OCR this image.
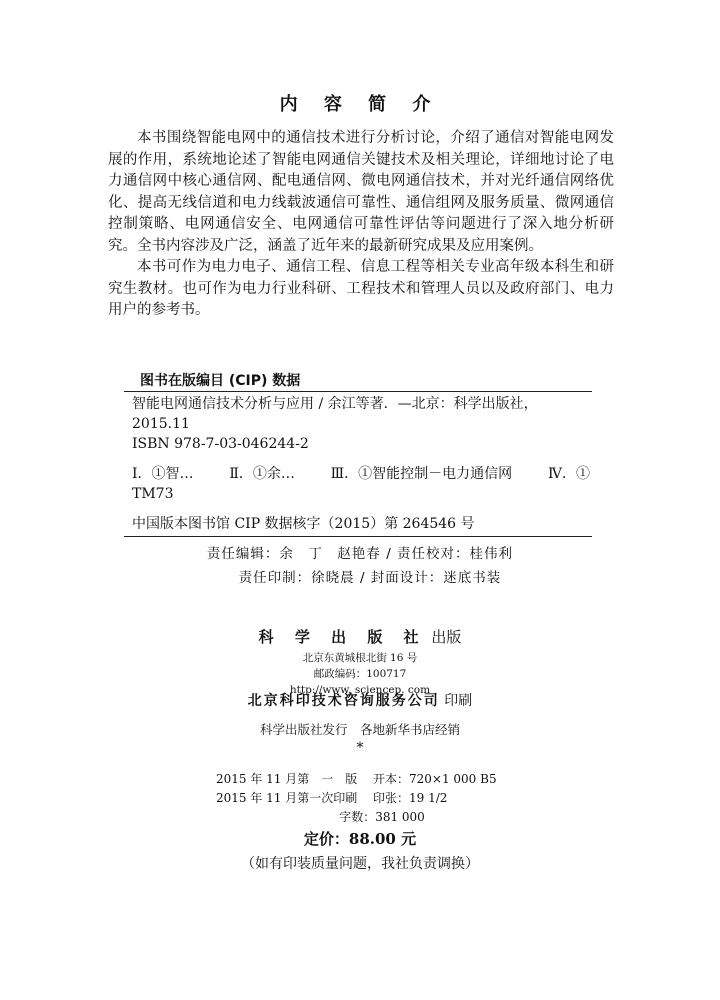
内 容 简 介

本书围绕智能电网中的通信技术进行分析讨论，介绍了通信对智能电网发展的作用，系统地论述了智能电网通信关键技术及相关理论，详细地讨论了电力通信网中核心通信网、配电通信网、微电网通信技术，并对光纤通信网络优化、提高无线信道和电力线载波通信可靠性、通信组网及服务质量、微网通信控制策略、电网通信安全、电网通信可靠性评估等问题进行了深入地分析研究。全书内容涉及广泛，涵盖了近年来的最新研究成果及应用案例。

本书可作为电力电子、通信工程、信息工程等相关专业高年级本科生和研究生教材。也可作为电力行业科研、工程技术和管理人员以及政府部门、电力用户的参考书。

图书在版编目 (CIP) 数据
智能电网通信技术分析与应用 / 余江等著．—北京：科学出版社，
2015.11
ISBN 978-7-03-046244-2
Ⅰ．①智…	Ⅱ．①余…	Ⅲ．①智能控制－电力通信网	Ⅳ．①
TM73
中国版本图书馆 CIP 数据核字（2015）第 264546 号
责任编辑：余　丁　赵艳春 / 责任校对：桂伟利
责任印制：徐晓晨 / 封面设计：迷底书装
科 学 出 版 社 出版
北京东黄城根北街 16 号
邮政编码：100717
http://www. sciencep. com
北京科印技术咨询服务公司 印刷
科学出版社发行　各地新华书店经销
*
2015 年 11 月第　一　版 开本：720×1 000 B5
2015 年 11 月第一次印刷 印张：19 1/2
字数：381 000
定价：88.00 元
（如有印装质量问题，我社负责调换）
